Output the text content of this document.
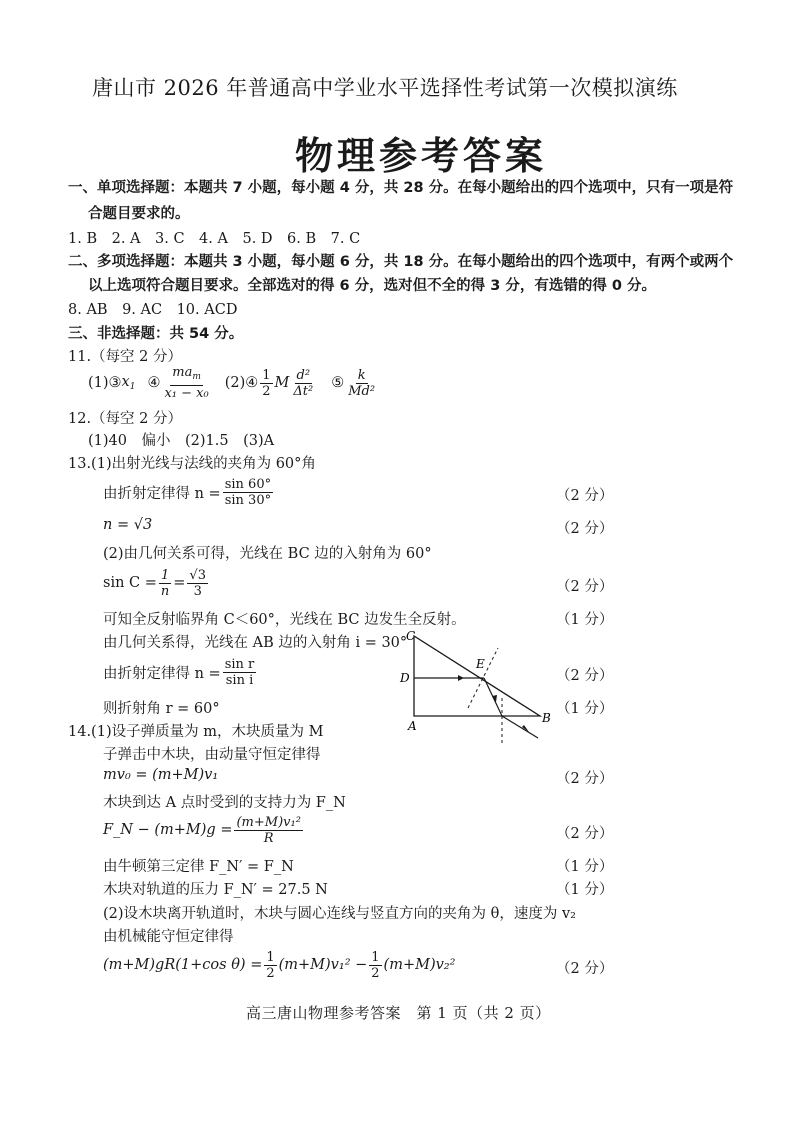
唐山市 2026 年普通高中学业水平选择性考试第一次模拟演练
物理参考答案
一、单项选择题：本题共 7 小题，每小题 4 分，共 28 分。在每小题给出的四个选项中，只有一项是符
合题目要求的。
1. B　2. A　3. C　4. A　5. D　6. B　7. C
二、多项选择题：本题共 3 小题，每小题 6 分，共 18 分。在每小题给出的四个选项中，有两个或两个
以上选项符合题目要求。全部选对的得 6 分，选对但不全的得 3 分，有选错的得 0 分。
8. AB　9. AC　10. ACD
三、非选择题：共 54 分。
11.（每空 2 分）
(1)③ $x_1$ ④ $\frac{ma_m}{\text{x₁ − x₀}}$ (2)④ $\frac{1}{2}$ M $\frac{\text{d²}}{\text{Δt²}}$ ⑤ $\frac{k}{\text{Md²}}$
12.（每空 2 分）
(1)40　偏小　(2)1.5　(3)A
13.(1)出射光线与法线的夹角为 60°角
由折射定律得 $n = \frac{\sin 60^\circ}{\sin 30^\circ}$	（2 分）
n = √3	（2 分）
(2)由几何关系可得，光线在 BC 边的入射角为 60°
$\sin C = \frac{1}{n} = \frac{√3}{3}$	（2 分）
可知全反射临界角 C＜60°，光线在 BC 边发生全反射。	（1 分）
由几何关系得，光线在 AB 边的入射角 i = 30°
由折射定律得 $n = \frac{\text{sin r}}{\text{sin i}}$	（2 分）
则折射角 r = 60°	（1 分）
C
E
D
A
B
14.(1)设子弹质量为 m，木块质量为 M
子弹击中木块，由动量守恒定律得
mv₀ = (m+M)v₁	（2 分）
木块到达 A 点时受到的支持力为 F_N
F_N − $(m+M)g = \frac{\text{(m+M)v₁²}}{R}$	（2 分）
由牛顿第三定律 F_N′ = F_N	（1 分）
木块对轨道的压力 F_N′ = 27.5 N	（1 分）
(2)设木块离开轨道时，木块与圆心连线与竖直方向的夹角为 θ，速度为 v₂
由机械能守恒定律得
(m+M)gR(1+cos $\theta) = \frac{1}{2} (m+M)v_1^2 - \frac{1}{2} (m+M)v_2^2$	（2 分）
高三唐山物理参考答案　第 1 页（共 2 页）
